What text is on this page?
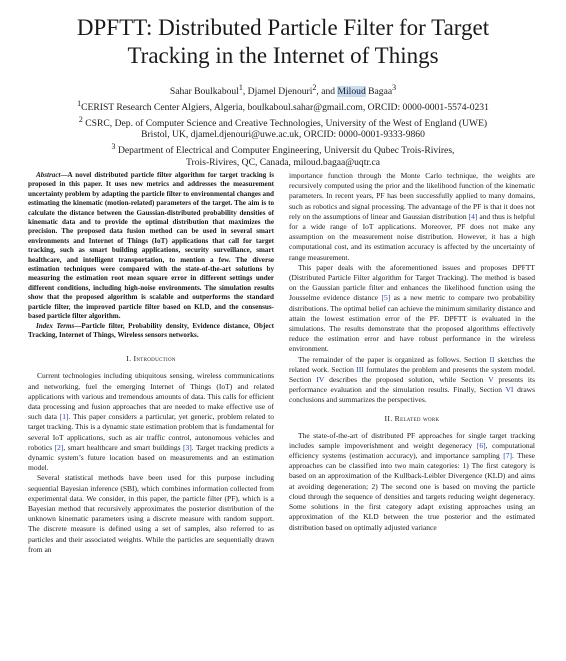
DPFTT: Distributed Particle Filter for Target
Tracking in the Internet of Things
Sahar Boulkaboul$^1$, Djamel Djenouri$^2$, and Miloud Bagaa$^3$
$^1$CERIST Research Center Algiers, Algeria, boulkaboul.sahar@gmail.com, ORCID: 0000-0001-5574-0231
$^2$ CSRC, Dep. of Computer Science and Creative Technologies, University of the West of England (UWE)
Bristol, UK, djamel.djenouri@uwe.ac.uk, ORCID: 0000-0001-9333-9860
$^3$ Department of Electrical and Computer Engineering, Universit du Qubec Trois-Rivires,
Trois-Rivires, QC, Canada, miloud.bagaa@uqtr.ca

Abstract—A novel distributed particle filter algorithm for target tracking is proposed in this paper. It uses new metrics and addresses the measurement uncertainty problem by adapting the particle filter to environmental changes and estimating the kinematic (motion-related) parameters of the target. The aim is to calculate the distance between the Gaussian-distributed probability densities of kinematic data and to provide the optimal distribution that maximizes the precision. The proposed data fusion method can be used in several smart environments and Internet of Things (IoT) applications that call for target tracking, such as smart building applications, security surveillance, smart healthcare, and intelligent transportation, to mention a few. The diverse estimation techniques were compared with the state-of-the-art solutions by measuring the estimation root mean square error in different settings under different conditions, including high-noise environments. The simulation results show that the proposed algorithm is scalable and outperforms the standard particle filter, the improved particle filter based on KLD, and the consensus-based particle filter algorithm.

Index Terms—Particle filter, Probability density, Evidence distance, Object Tracking, Internet of Things, Wireless sensors networks.

I. Introduction

Current technologies including ubiquitous sensing, wireless communications and networking, fuel the emerging Internet of Things (IoT) and related applications with various and tremendous amounts of data. This calls for efficient data processing and fusion approaches that are needed to make effective use of such data [1]. This paper considers a particular, yet generic, problem related to target tracking. This is a dynamic state estimation problem that is fundamental for several IoT applications, such as air traffic control, autonomous vehicles and robotics [2], smart healthcare and smart buildings [3]. Target tracking predicts a dynamic system’s future location based on measurements and an estimation model.

Several statistical methods have been used for this purpose including sequential Bayesian inference (SBI), which combines information collected from experimental data. We consider, in this paper, the particle filter (PF), which is a Bayesian method that recursively approximates the posterior distribution of the unknown kinematic parameters using a discrete measure with random support. The discrete measure is defined using a set of samples, also referred to as particles and their associated weights. While the particles are sequentially drawn from an

importance function through the Monte Carlo technique, the weights are recursively computed using the prior and the likelihood function of the kinematic parameters. In recent years, PF has been successfully applied to many domains, such as robotics and signal processing. The advantage of the PF is that it does not rely on the assumptions of linear and Gaussian distribution [4] and thus is helpful for a wide range of IoT applications. Moreover, PF does not make any assumption on the measurement noise distribution. However, it has a high computational cost, and its estimation accuracy is affected by the uncertainty of range measurement.

This paper deals with the aforementioned issues and proposes DPFTT (Distributed Particle Filter algorithm for Target Tracking). The method is based on the Gaussian particle filter and enhances the likelihood function using the Jousselme evidence distance [5] as a new metric to compare two probability distributions. The optimal belief can achieve the minimum similarity distance and attain the lowest estimation error of the PF. DPFTT is evaluated in the simulations. The results demonstrate that the proposed algorithms effectively reduce the estimation error and have robust performance in the wireless environment.

The remainder of the paper is organized as follows. Section II sketches the related work. Section III formulates the problem and presents the system model. Section IV describes the proposed solution, while Section V presents its performance evaluation and the simulation results. Finally, Section VI draws conclusions and summarizes the perspectives.

II. Related work

The state-of-the-art of distributed PF approaches for single target tracking includes sample impoverishment and weight degeneracy [6], computational efficiency systems (estimation accuracy), and importance sampling [7]. These approaches can be classified into two main categories: 1) The first category is based on an approximation of the Kullback-Leibler Divergence (KLD) and aims at avoiding degeneration; 2) The second one is based on moving the particle cloud through the sequence of densities and targets reducing weight degeneracy. Some solutions in the first category adapt existing approaches using an approximation of the KLD between the true posterior and the estimated distribution based on optimally adjusted variance
